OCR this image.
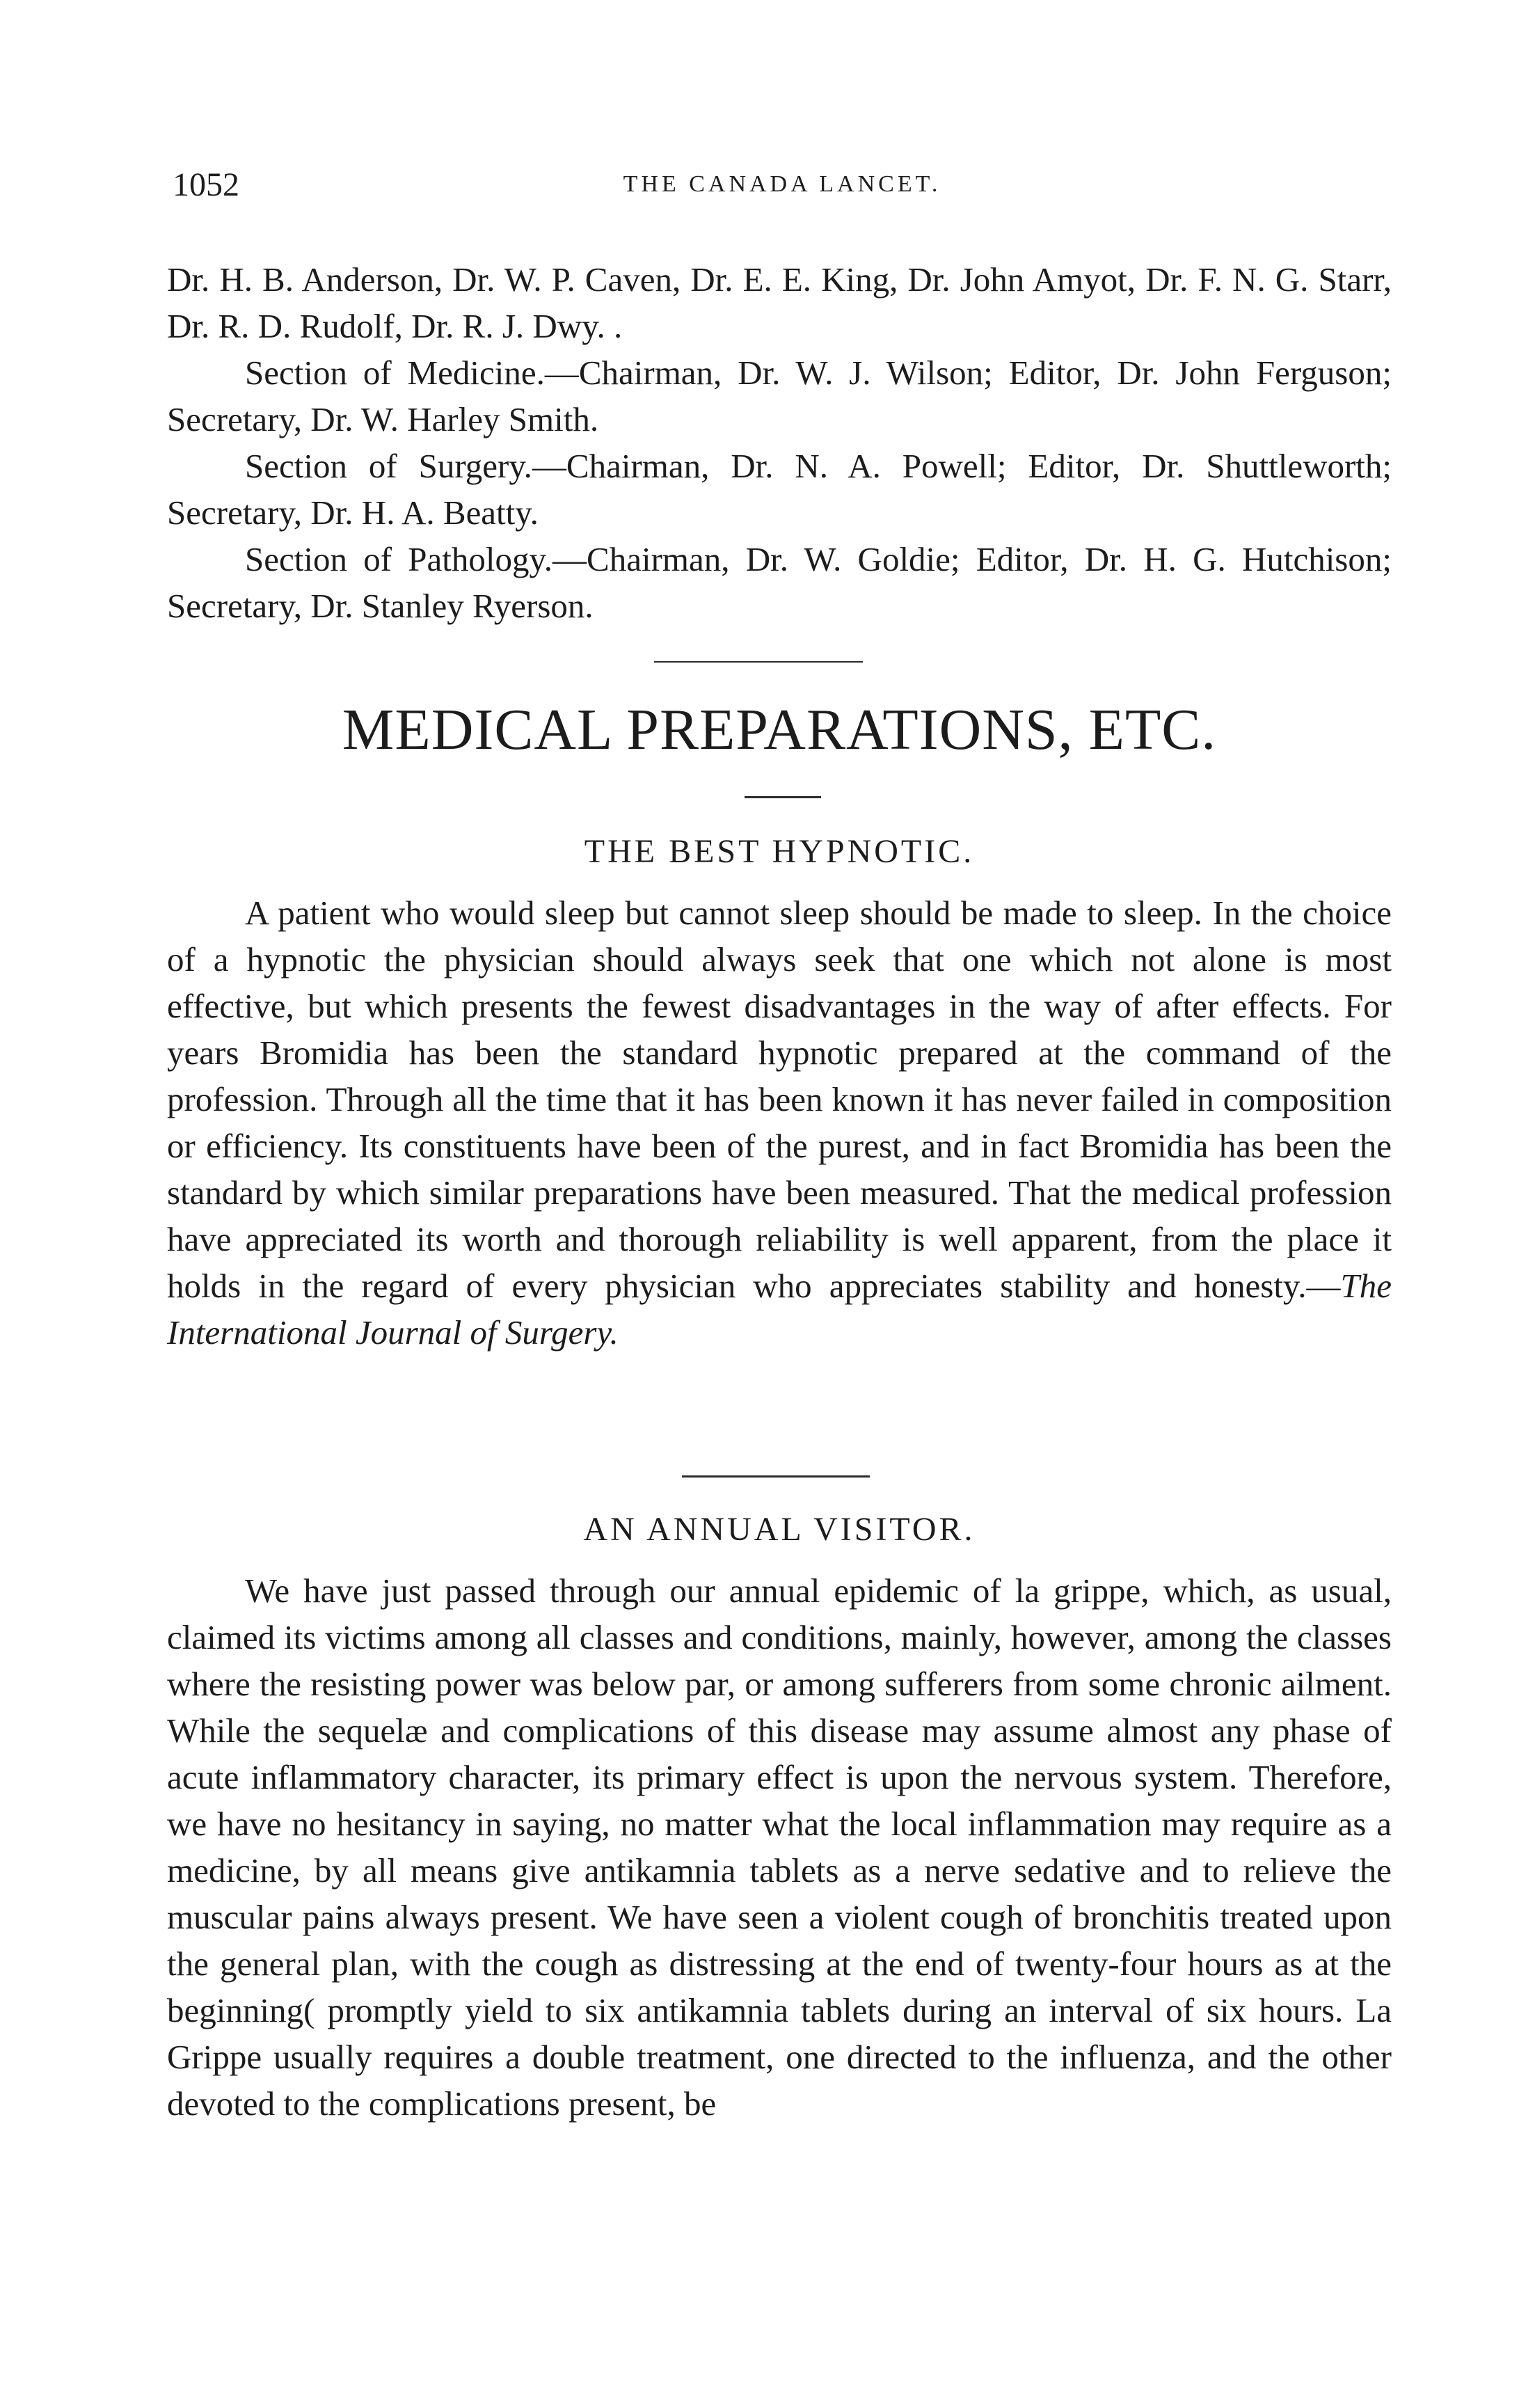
1052	THE CANADA LANCET.

Dr. H. B. Anderson, Dr. W. P. Caven, Dr. E. E. King, Dr. John Amyot, Dr. F. N. G. Starr, Dr. R. D. Rudolf, Dr. R. J. Dwy. .

Section of Medicine.—Chairman, Dr. W. J. Wilson; Editor, Dr. John Ferguson; Secretary, Dr. W. Harley Smith.

Section of Surgery.—Chairman, Dr. N. A. Powell; Editor, Dr. Shuttleworth; Secretary, Dr. H. A. Beatty.

Section of Pathology.—Chairman, Dr. W. Goldie; Editor, Dr. H. G. Hutchison; Secretary, Dr. Stanley Ryerson.

MEDICAL PREPARATIONS, ETC.
THE BEST HYPNOTIC.

A patient who would sleep but cannot sleep should be made to sleep. In the choice of a hypnotic the physician should always seek that one which not alone is most effective, but which presents the fewest disadvantages in the way of after effects. For years Bromidia has been the standard hypnotic prepared at the command of the profession. Through all the time that it has been known it has never failed in composition or efficiency. Its constituents have been of the purest, and in fact Bromidia has been the standard by which similar preparations have been measured. That the medical profession have appreciated its worth and thorough reliability is well apparent, from the place it holds in the regard of every physician who appreciates stability and honesty.—The International Journal of Surgery.

AN ANNUAL VISITOR.

We have just passed through our annual epidemic of la grippe, which, as usual, claimed its victims among all classes and conditions, mainly, however, among the classes where the resisting power was below par, or among sufferers from some chronic ailment. While the sequelæ and complications of this disease may assume almost any phase of acute inflammatory character, its primary effect is upon the nervous system. Therefore, we have no hesitancy in saying, no matter what the local inflammation may require as a medicine, by all means give antikamnia tablets as a nerve sedative and to relieve the muscular pains always present. We have seen a violent cough of bronchitis treated upon the general plan, with the cough as distressing at the end of twenty-four hours as at the beginning( promptly yield to six antikamnia tablets during an interval of six hours. La Grippe usually requires a double treatment, one directed to the influenza, and the other devoted to the complications present, be
